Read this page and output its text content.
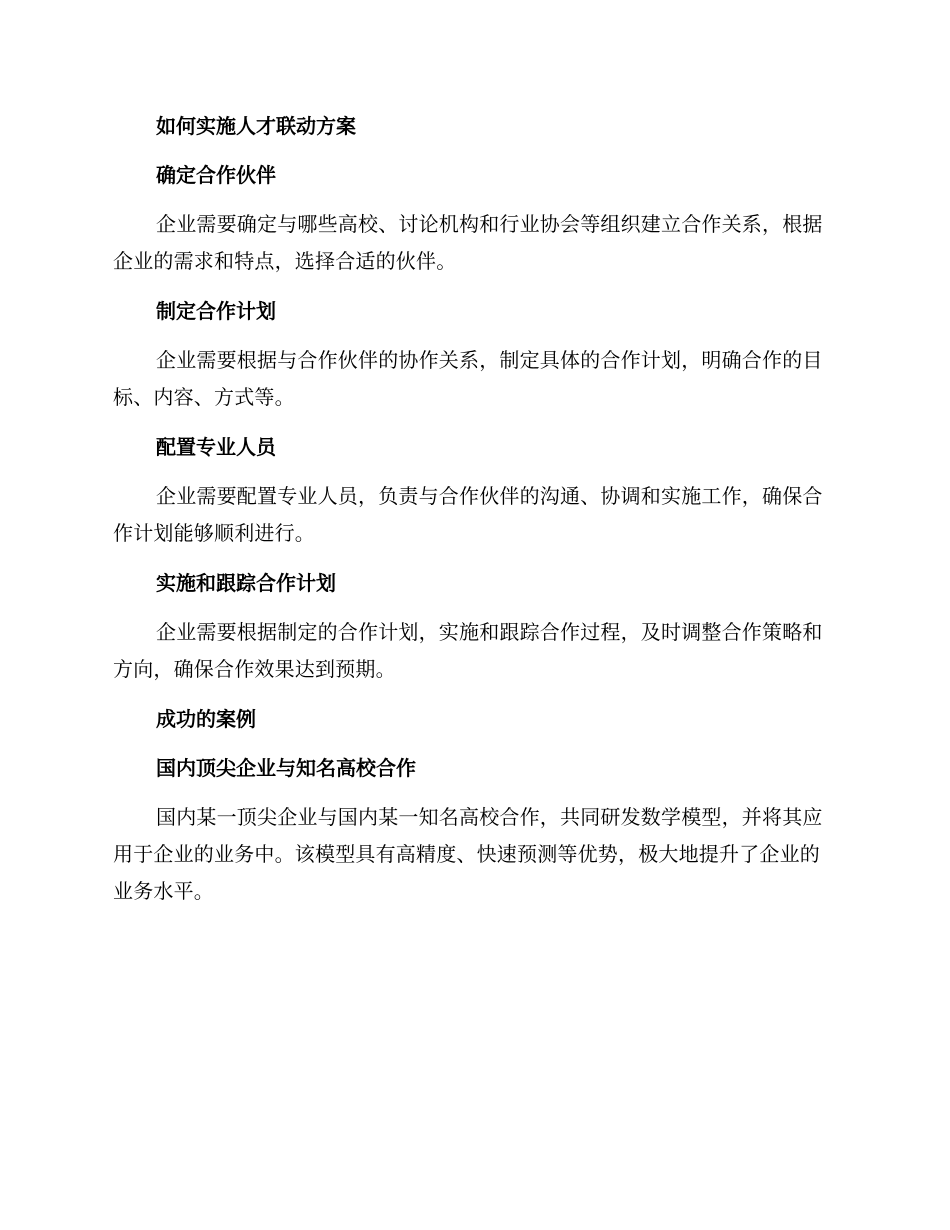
如何实施人才联动方案
确定合作伙伴

企业需要确定与哪些高校、讨论机构和行业协会等组织建立合作关系，根据企业的需求和特点，选择合适的伙伴。

制定合作计划

企业需要根据与合作伙伴的协作关系，制定具体的合作计划，明确合作的目标、内容、方式等。

配置专业人员

企业需要配置专业人员，负责与合作伙伴的沟通、协调和实施工作，确保合作计划能够顺利进行。

实施和跟踪合作计划

企业需要根据制定的合作计划，实施和跟踪合作过程，及时调整合作策略和方向，确保合作效果达到预期。

成功的案例
国内顶尖企业与知名高校合作

国内某一顶尖企业与国内某一知名高校合作，共同研发数学模型，并将其应用于企业的业务中。该模型具有高精度、快速预测等优势，极大地提升了企业的业务水平。
